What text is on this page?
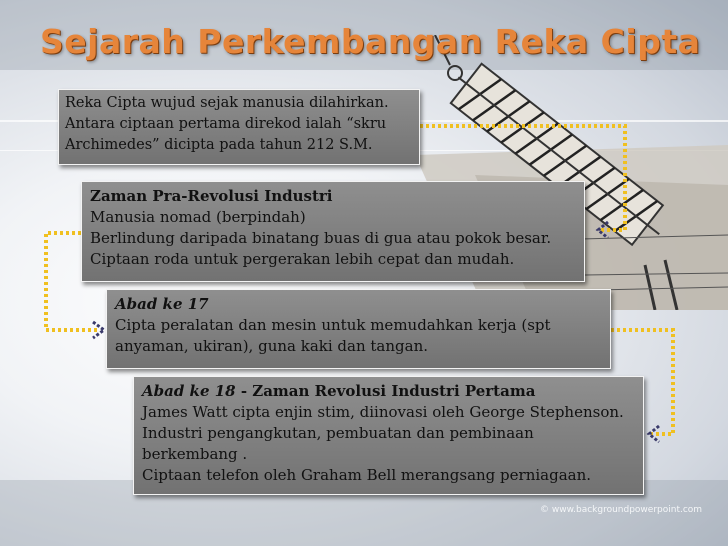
Sejarah Perkembangan Reka Cipta
Reka Cipta wujud sejak manusia dilahirkan.
Antara ciptaan pertama direkod ialah “skru
Archimedes” dicipta pada tahun 212 S.M.
Zaman Pra-Revolusi Industri
Manusia nomad (berpindah)
Berlindung daripada binatang buas di gua atau pokok besar.
Ciptaan roda untuk pergerakan lebih cepat dan mudah.
Abad ke 17
Cipta peralatan dan mesin untuk memudahkan kerja (spt
anyaman, ukiran), guna kaki dan tangan.
Abad ke 18 - Zaman Revolusi Industri Pertama
James Watt cipta enjin stim, diinovasi oleh George Stephenson.
Industri pengangkutan, pembuatan dan pembinaan
berkembang .
Ciptaan telefon oleh Graham Bell merangsang perniagaan.
© www.backgroundpowerpoint.com
